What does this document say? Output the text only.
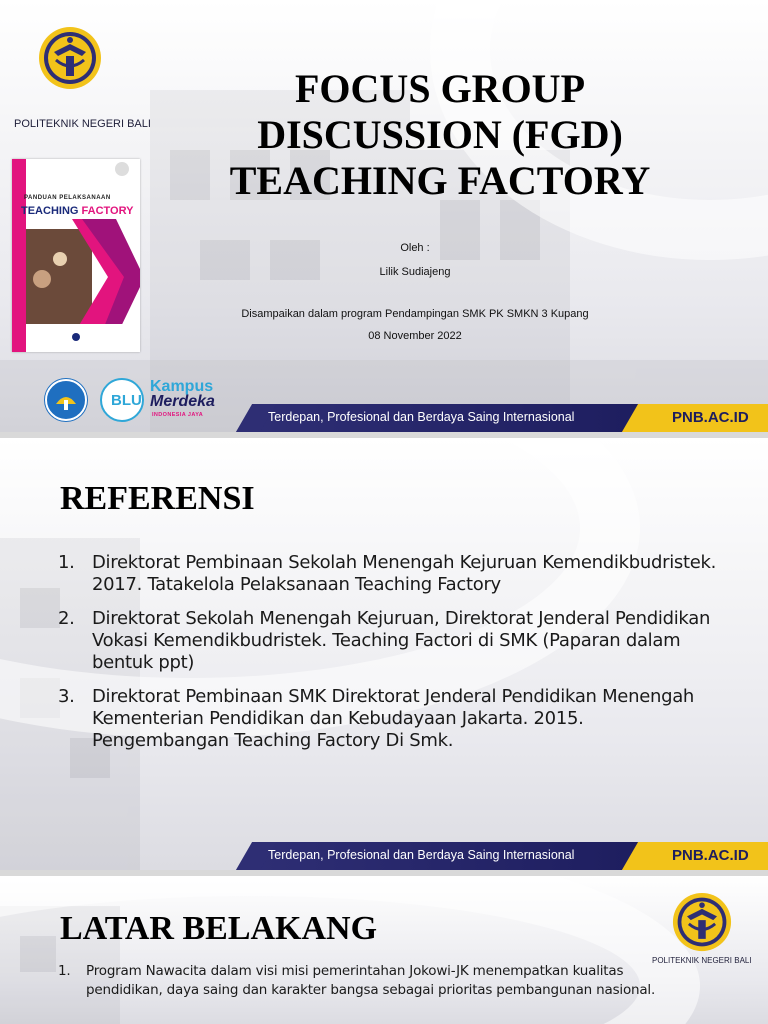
POLITEKNIK NEGERI BALI
FOCUS GROUP
DISCUSSION (FGD)
TEACHING FACTORY
Oleh :
Lilik Sudiajeng
Disampaikan dalam program Pendampingan SMK PK SMKN 3 Kupang
08 November 2022
PANDUAN PELAKSANAAN
TEACHING FACTORY
BLU
Kampus
Merdeka
INDONESIA JAYA	Terdepan, Profesional dan Berdaya Saing Internasional	PNB.AC.ID
REFERENSI
1. Direktorat Pembinaan Sekolah Menengah Kejuruan Kemendikbudristek. 2017. Tatakelola Pelaksanaan Teaching Factory
2. Direktorat Sekolah Menengah Kejuruan, Direktorat Jenderal Pendidikan Vokasi Kemendikbudristek. Teaching Factori di SMK (Paparan dalam bentuk ppt)
3. Direktorat Pembinaan SMK Direktorat Jenderal Pendidikan Menengah Kementerian Pendidikan dan Kebudayaan Jakarta. 2015. Pengembangan Teaching Factory Di Smk.
Terdepan, Profesional dan Berdaya Saing Internasional	PNB.AC.ID
LATAR BELAKANG
POLITEKNIK NEGERI BALI
1. Program Nawacita dalam visi misi pemerintahan Jokowi-JK menempatkan kualitas pendidikan, daya saing dan karakter bangsa sebagai prioritas pembangunan nasional.
